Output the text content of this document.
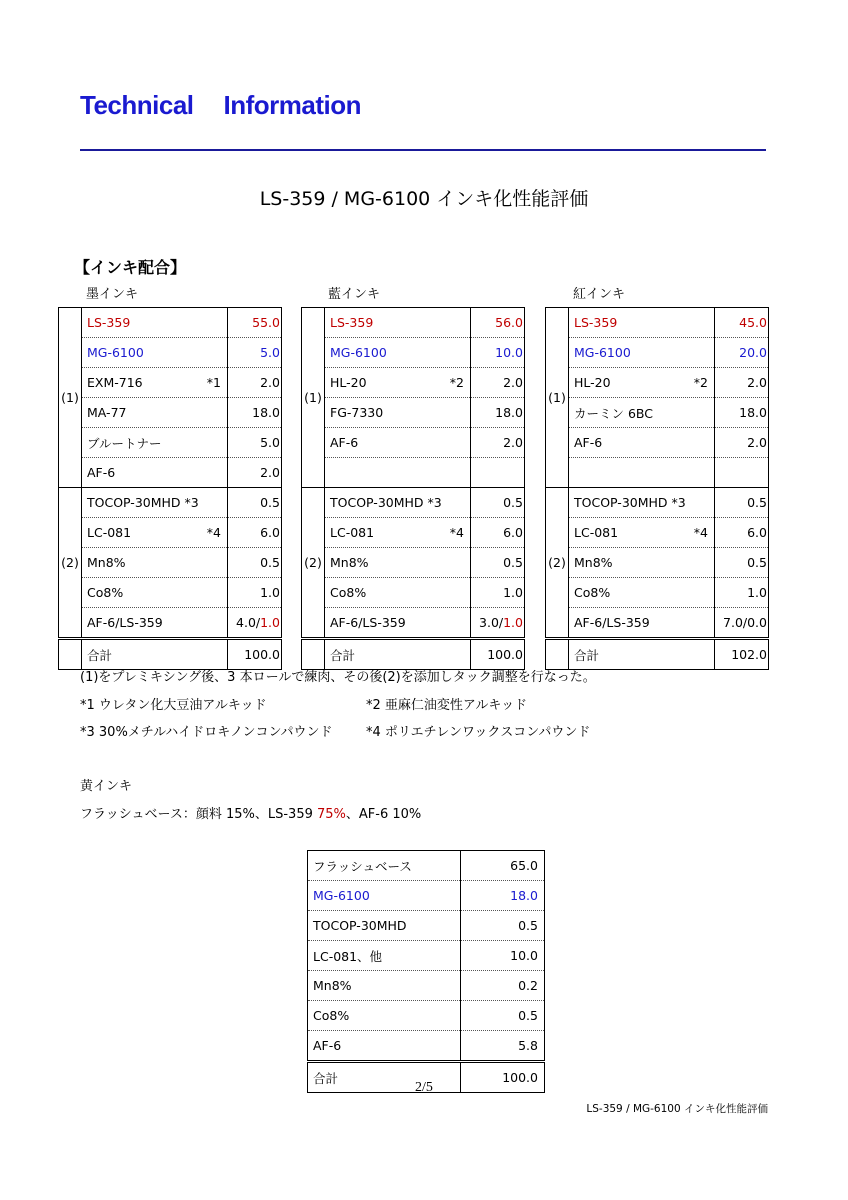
Technical Information
LS-359 / MG-6100 インキ化性能評価
【インキ配合】
墨インキ	藍インキ	紅インキ
(1)	LS-359	55.0
	MG-6100	5.0
	EXM-716 *1	2.0
	MA-77	18.0
	ブルートナー	5.0
	AF-6	2.0
(2)	TOCOP-30MHD *3	0.5
	LC-081 *4	6.0
	Mn8%	0.5
	Co8%	1.0
	AF-6/LS-359	4.0/1.0
	合計	100.0
(1)	LS-359	56.0
	MG-6100	10.0
	HL-20 *2	2.0
	FG-7330	18.0
	AF-6	2.0

(2)	TOCOP-30MHD *3	0.5
	LC-081 *4	6.0
	Mn8%	0.5
	Co8%	1.0
	AF-6/LS-359	3.0/1.0
	合計	100.0
(1)	LS-359	45.0
	MG-6100	20.0
	HL-20 *2	2.0
	カーミン 6BC	18.0
	AF-6	2.0

(2)	TOCOP-30MHD *3	0.5
	LC-081 *4	6.0
	Mn8%	0.5
	Co8%	1.0
	AF-6/LS-359	7.0/0.0
	合計	102.0
(1)をプレミキシング後、3 本ロールで練肉、その後(2)を添加しタック調整を行なった。
*1 ウレタン化大豆油アルキッド	*2 亜麻仁油変性アルキッド
*3 30%メチルハイドロキノンコンパウンド	*4 ポリエチレンワックスコンパウンド
黄インキ
フラッシュベース：顔料 15%、LS-359 75%、AF-6 10%
フラッシュベース	65.0
MG-6100	18.0
TOCOP-30MHD	0.5
LC-081、他	10.0
Mn8%	0.2
Co8%	0.5
AF-6	5.8
合計	100.0
2/5
LS-359 / MG-6100 インキ化性能評価
